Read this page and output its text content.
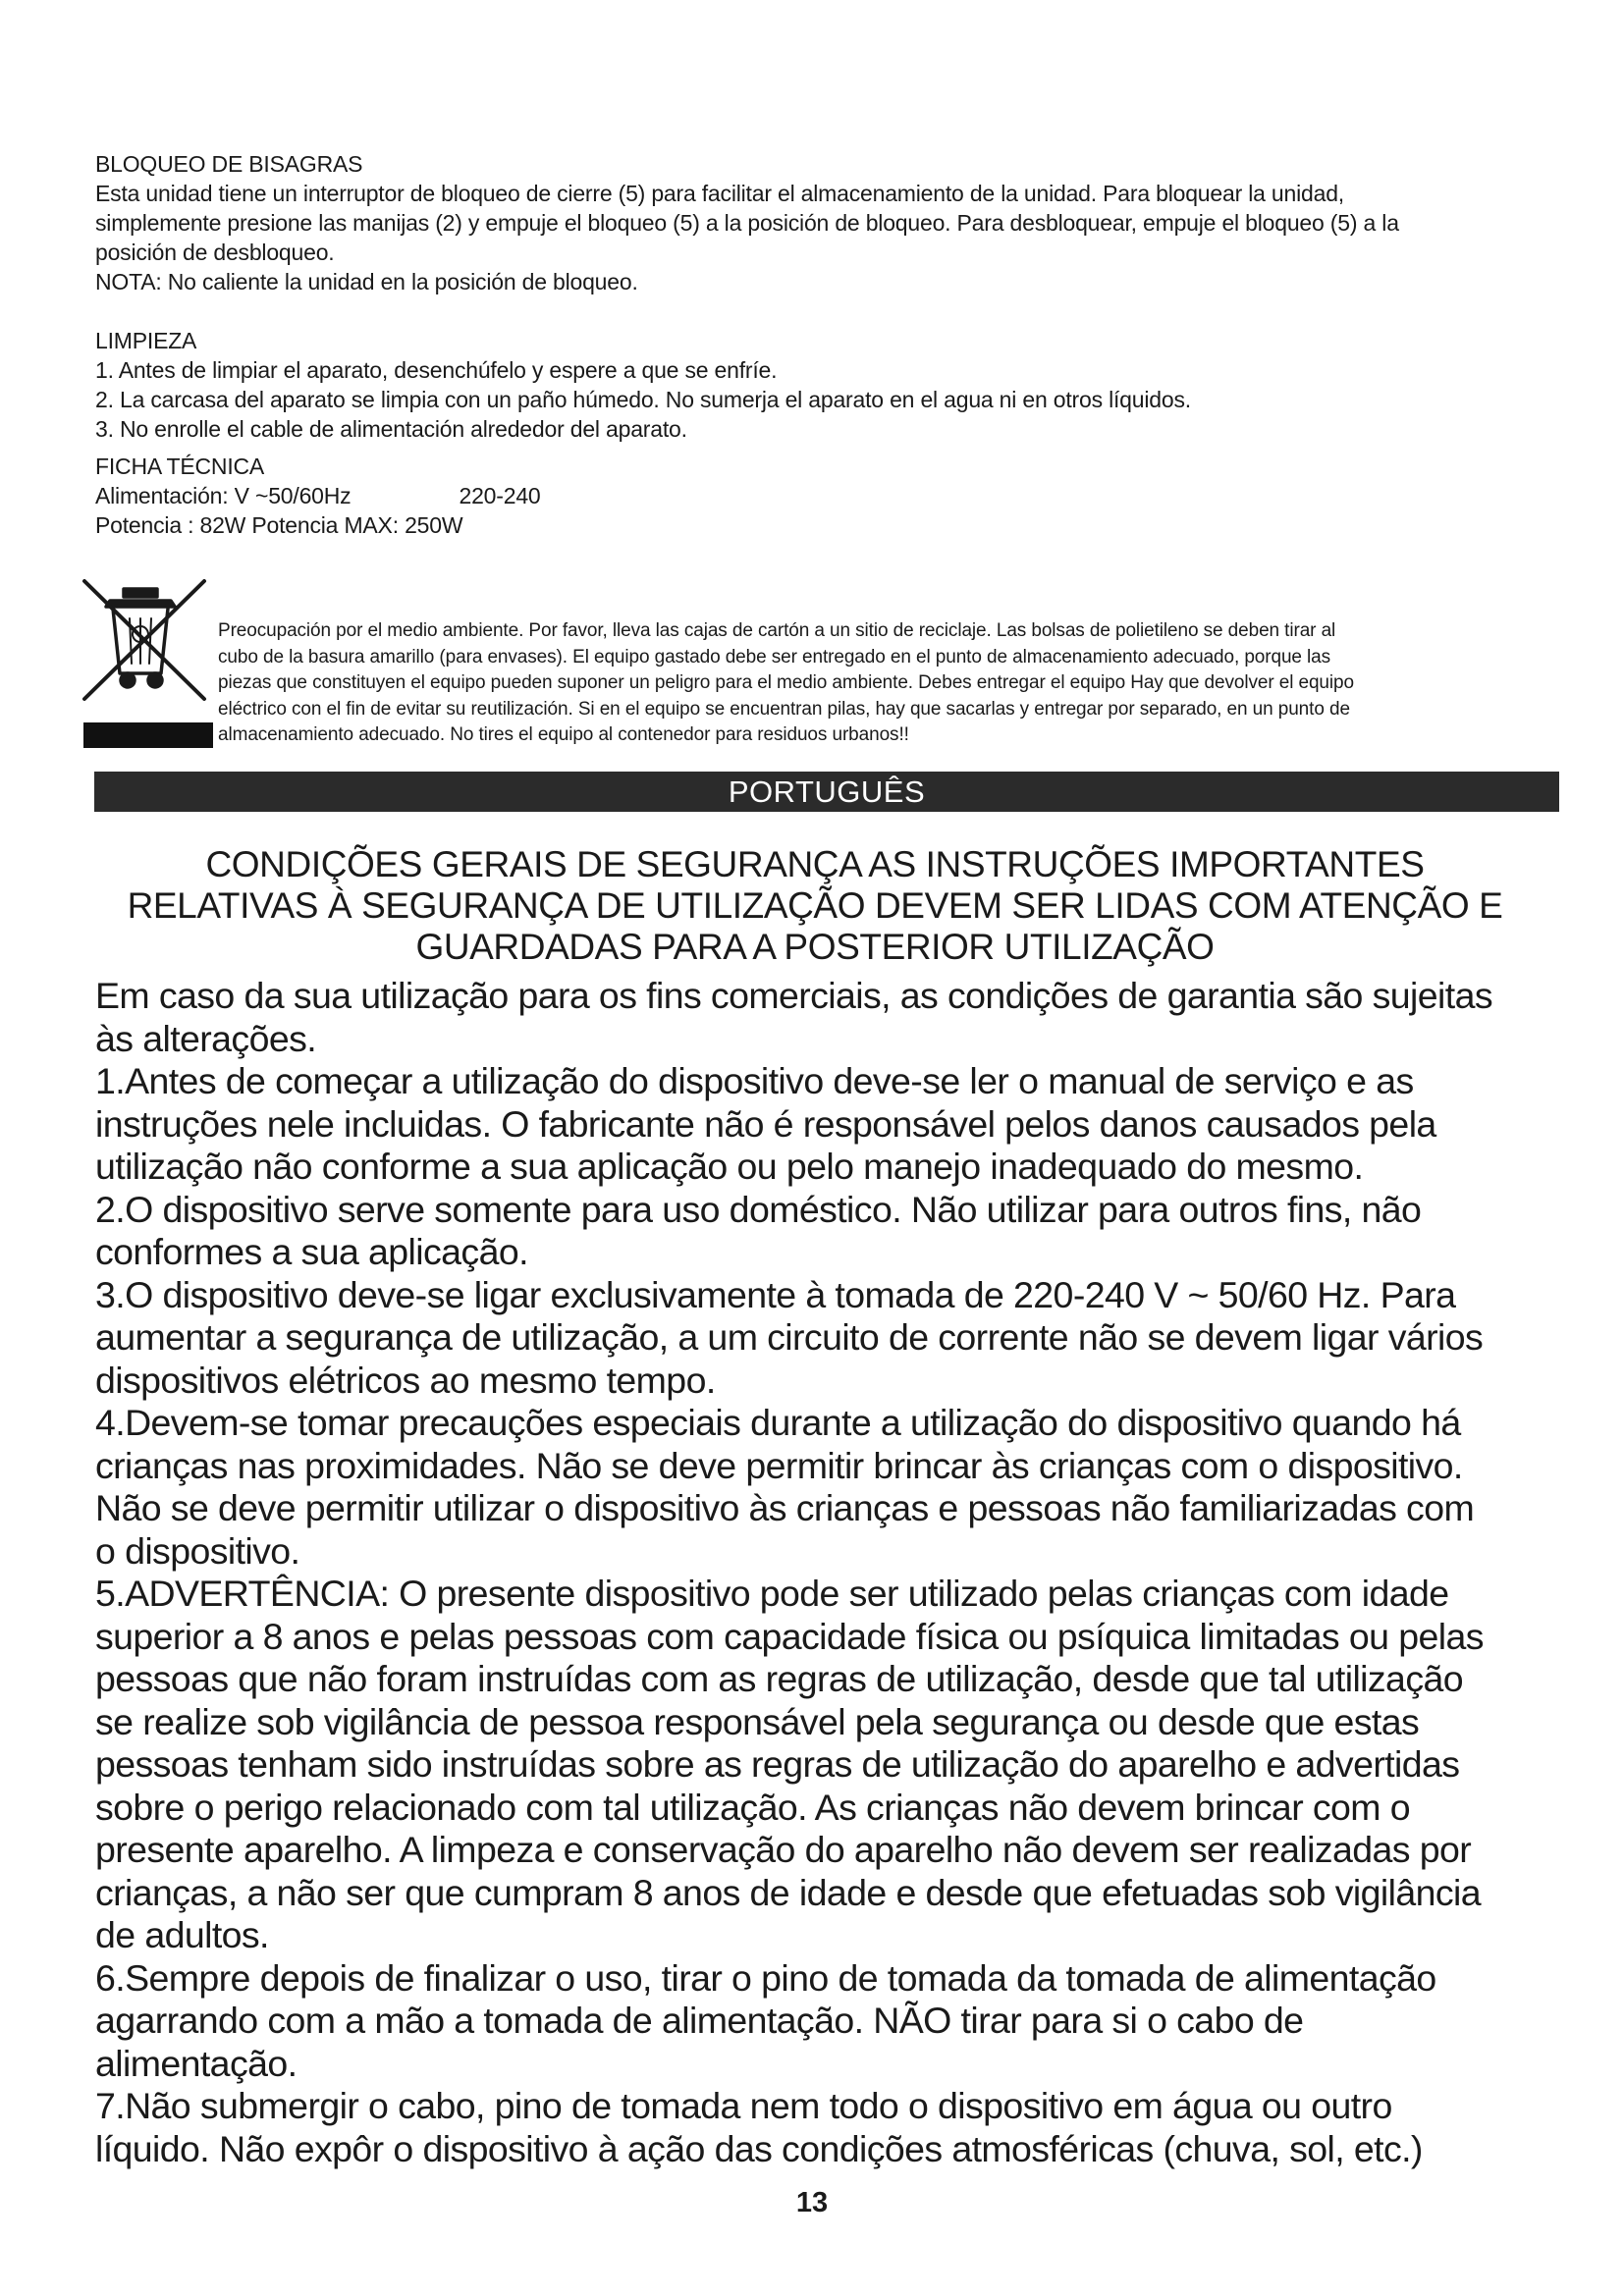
BLOQUEO DE BISAGRAS

Esta unidad tiene un interruptor de bloqueo de cierre (5) para facilitar el almacenamiento de la unidad. Para bloquear la unidad,

simplemente presione las manijas (2) y empuje el bloqueo (5) a la posición de bloqueo. Para desbloquear, empuje el bloqueo (5) a la

posición de desbloqueo.

NOTA: No caliente la unidad en la posición de bloqueo.

LIMPIEZA

1. Antes de limpiar el aparato, desenchúfelo y espere a que se enfríe.

2. La carcasa del aparato se limpia con un paño húmedo. No sumerja el aparato en el agua ni en otros líquidos.

3. No enrolle el cable de alimentación alrededor del aparato.

FICHA TÉCNICA

Alimentación: V ~50/60Hz	220-240

Potencia : 82W Potencia MAX: 250W

Preocupación por el medio ambiente. Por favor, lleva las cajas de cartón a un sitio de reciclaje. Las bolsas de polietileno se deben tirar al

cubo de la basura amarillo (para envases). El equipo gastado debe ser entregado en el punto de almacenamiento adecuado, porque las

piezas que constituyen el equipo pueden suponer un peligro para el medio ambiente. Debes entregar el equipo Hay que devolver el equipo

eléctrico con el fin de evitar su reutilización. Si en el equipo se encuentran pilas, hay que sacarlas y entregar por separado, en un punto de

almacenamiento adecuado. No tires el equipo al contenedor para residuos urbanos!!

PORTUGUÊS

CONDIÇÕES GERAIS DE SEGURANÇA AS INSTRUÇÕES IMPORTANTES

RELATIVAS À SEGURANÇA DE UTILIZAÇÃO DEVEM SER LIDAS COM ATENÇÃO E

GUARDADAS PARA A POSTERIOR UTILIZAÇÃO

Em caso da sua utilização para os fins comerciais, as condições de garantia são sujeitas

às alterações.

1.Antes de começar a utilização do dispositivo deve-se ler o manual de serviço e as

instruções nele incluidas. O fabricante não é responsável pelos danos causados pela

utilização não conforme a sua aplicação ou pelo manejo inadequado do mesmo.

2.O dispositivo serve somente para uso doméstico. Não utilizar para outros fins, não

conformes a sua aplicação.

3.O dispositivo deve-se ligar exclusivamente à tomada de 220-240 V ~ 50/60 Hz. Para

aumentar a segurança de utilização, a um circuito de corrente não se devem ligar vários

dispositivos elétricos ao mesmo tempo.

4.Devem-se tomar precauções especiais durante a utilização do dispositivo quando há

crianças nas proximidades. Não se deve permitir brincar às crianças com o dispositivo.

Não se deve permitir utilizar o dispositivo às crianças e pessoas não familiarizadas com

o dispositivo.

5.ADVERTÊNCIA: O presente dispositivo pode ser utilizado pelas crianças com idade

superior a 8 anos e pelas pessoas com capacidade física ou psíquica limitadas ou pelas

pessoas que não foram instruídas com as regras de utilização, desde que tal utilização

se realize sob vigilância de pessoa responsável pela segurança ou desde que estas

pessoas tenham sido instruídas sobre as regras de utilização do aparelho e advertidas

sobre o perigo relacionado com tal utilização. As crianças não devem brincar com o

presente aparelho. A limpeza e conservação do aparelho não devem ser realizadas por

crianças, a não ser que cumpram 8 anos de idade e desde que efetuadas sob vigilância

de adultos.

6.Sempre depois de finalizar o uso, tirar o pino de tomada da tomada de alimentação

agarrando com a mão a tomada de alimentação. NÃO tirar para si o cabo de

alimentação.

7.Não submergir o cabo, pino de tomada nem todo o dispositivo em água ou outro

líquido. Não expôr o dispositivo à ação das condições atmosféricas (chuva, sol, etc.)

13
